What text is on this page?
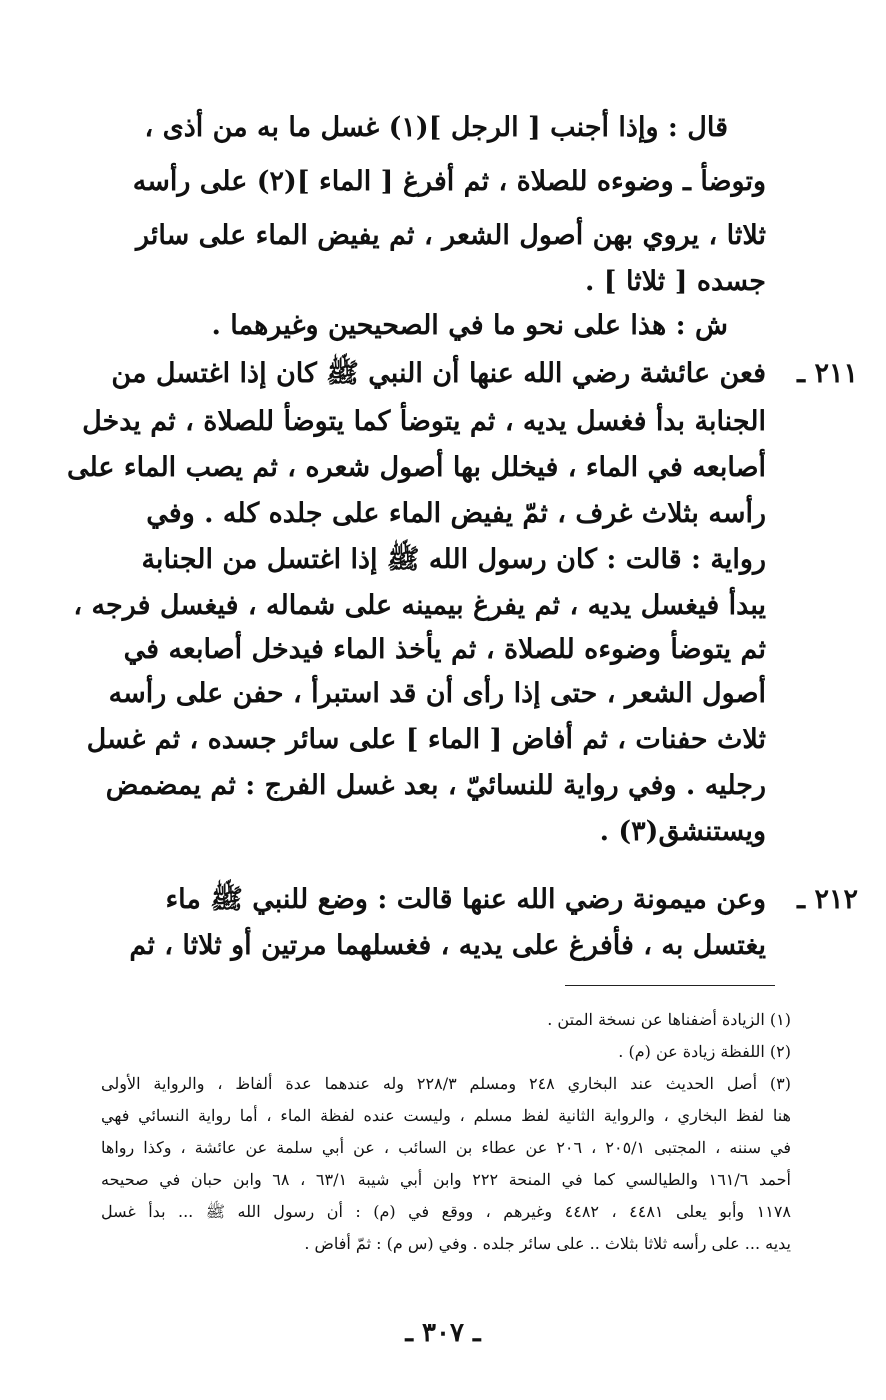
قال : وإذا أجنب [ الرجل ](١) غسل ما به من أذى ،
وتوضأ ـ وضوءه للصلاة ، ثم أفرغ [ الماء ](٢) على رأسه
ثلاثا ، يروي بهن أصول الشعر ، ثم يفيض الماء على سائر
جسده [ ثلاثا ] .
ش : هذا على نحو ما في الصحيحين وغيرهما .
٢١١ ـ
فعن عائشة رضي الله عنها أن النبي ﷺ كان إذا اغتسل من
الجنابة بدأ فغسل يديه ، ثم يتوضأ كما يتوضأ للصلاة ، ثم يدخل
أصابعه في الماء ، فيخلل بها أصول شعره ، ثم يصب الماء على
رأسه بثلاث غرف ، ثمّ يفيض الماء على جلده كله . وفي
رواية : قالت : كان رسول الله ﷺ إذا اغتسل من الجنابة
يبدأ فيغسل يديه ، ثم يفرغ بيمينه على شماله ، فيغسل فرجه ،
ثم يتوضأ وضوءه للصلاة ، ثم يأخذ الماء فيدخل أصابعه في
أصول الشعر ، حتى إذا رأى أن قد استبرأ ، حفن على رأسه
ثلاث حفنات ، ثم أفاض [ الماء ] على سائر جسده ، ثم غسل
رجليه . وفي رواية للنسائيّ ، بعد غسل الفرج : ثم يمضمض
ويستنشق(٣) .
٢١٢ ـ
وعن ميمونة رضي الله عنها قالت : وضع للنبي ﷺ ماء
يغتسل به ، فأفرغ على يديه ، فغسلهما مرتين أو ثلاثا ، ثم
(١) الزيادة أضفناها عن نسخة المتن .
(٢) اللفظة زيادة عن (م) .
(٣) أصل الحديث عند البخاري ٢٤٨ ومسلم ٢٢٨/٣ وله عندهما عدة ألفاظ ، والرواية الأولى
هنا لفظ البخاري ، والرواية الثانية لفظ مسلم ، وليست عنده لفظة الماء ، أما رواية النسائي فهي
في سننه ، المجتبى ٢٠٥/١ ، ٢٠٦ عن عطاء بن السائب ، عن أبي سلمة عن عائشة ، وكذا رواها
أحمد ١٦١/٦ والطيالسي كما في المنحة ٢٢٢ وابن أبي شيبة ٦٣/١ ، ٦٨ وابن حبان في صحيحه
١١٧٨ وأبو يعلى ٤٤٨١ ، ٤٤٨٢ وغيرهم ، ووقع في (م) : أن رسول الله ﷺ ... بدأ غسل
يديه ... على رأسه ثلاثا بثلاث .. على سائر جلده . وفي (س م) : ثمّ أفاض .
ـ ٣٠٧ ـ
